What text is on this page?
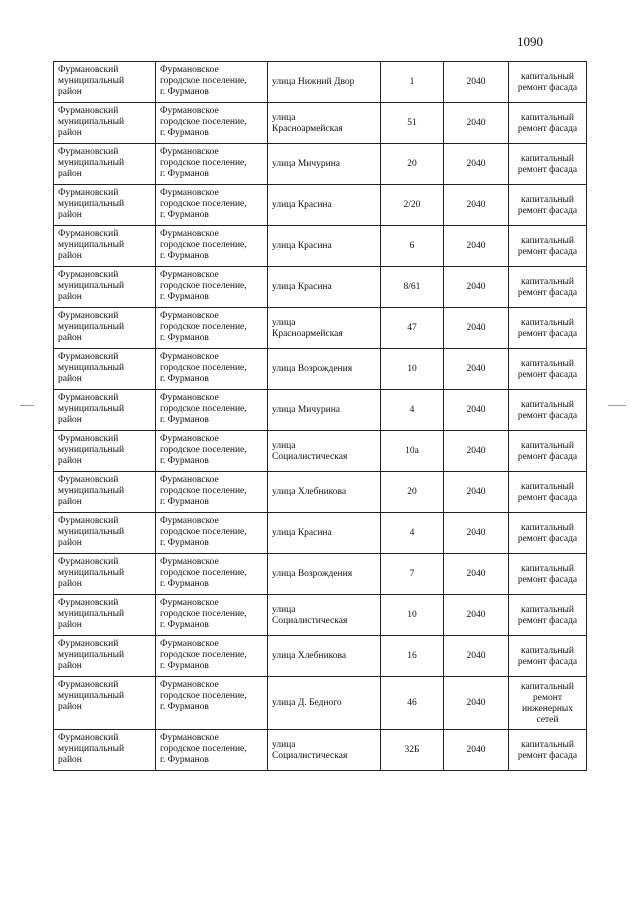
1090
Фурмановский
муниципальный
район	Фурмановское
городское поселение,
г. Фурманов	улица Нижний Двор	1	2040	капитальный
ремонт фасада
Фурмановский
муниципальный
район	Фурмановское
городское поселение,
г. Фурманов	улица
Красноармейская	51	2040	капитальный
ремонт фасада
Фурмановский
муниципальный
район	Фурмановское
городское поселение,
г. Фурманов	улица Мичурина	20	2040	капитальный
ремонт фасада
Фурмановский
муниципальный
район	Фурмановское
городское поселение,
г. Фурманов	улица Красина	2/20	2040	капитальный
ремонт фасада
Фурмановский
муниципальный
район	Фурмановское
городское поселение,
г. Фурманов	улица Красина	6	2040	капитальный
ремонт фасада
Фурмановский
муниципальный
район	Фурмановское
городское поселение,
г. Фурманов	улица Красина	8/61	2040	капитальный
ремонт фасада
Фурмановский
муниципальный
район	Фурмановское
городское поселение,
г. Фурманов	улица
Красноармейская	47	2040	капитальный
ремонт фасада
Фурмановский
муниципальный
район	Фурмановское
городское поселение,
г. Фурманов	улица Возрождения	10	2040	капитальный
ремонт фасада
Фурмановский
муниципальный
район	Фурмановское
городское поселение,
г. Фурманов	улица Мичурина	4	2040	капитальный
ремонт фасада
Фурмановский
муниципальный
район	Фурмановское
городское поселение,
г. Фурманов	улица
Социалистическая	10а	2040	капитальный
ремонт фасада
Фурмановский
муниципальный
район	Фурмановское
городское поселение,
г. Фурманов	улица Хлебникова	20	2040	капитальный
ремонт фасада
Фурмановский
муниципальный
район	Фурмановское
городское поселение,
г. Фурманов	улица Красина	4	2040	капитальный
ремонт фасада
Фурмановский
муниципальный
район	Фурмановское
городское поселение,
г. Фурманов	улица Возрождения	7	2040	капитальный
ремонт фасада
Фурмановский
муниципальный
район	Фурмановское
городское поселение,
г. Фурманов	улица
Социалистическая	10	2040	капитальный
ремонт фасада
Фурмановский
муниципальный
район	Фурмановское
городское поселение,
г. Фурманов	улица Хлебникова	16	2040	капитальный
ремонт фасада
Фурмановский
муниципальный
район	Фурмановское
городское поселение,
г. Фурманов	улица Д. Бедного	46	2040	капитальный
ремонт
инженерных
сетей
Фурмановский
муниципальный
район	Фурмановское
городское поселение,
г. Фурманов	улица
Социалистическая	32Б	2040	капитальный
ремонт фасада
